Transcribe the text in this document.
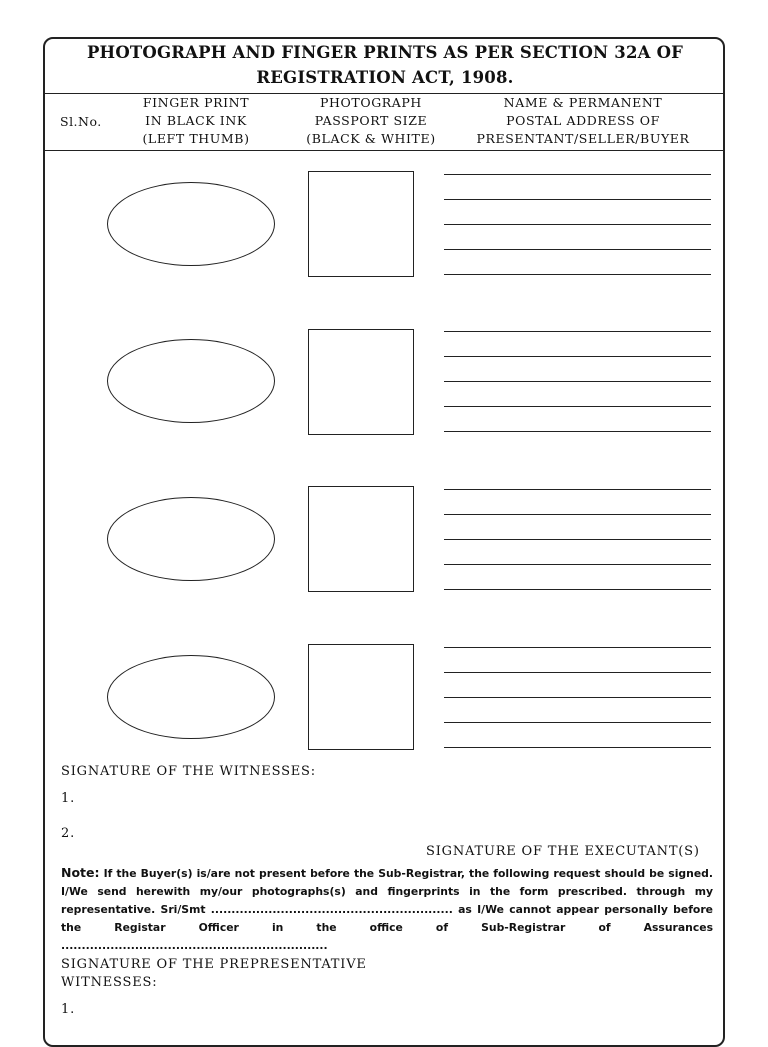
PHOTOGRAPH AND FINGER PRINTS AS PER SECTION 32A OF
REGISTRATION ACT, 1908.
Sl.No.
FINGER PRINT
IN BLACK INK
(LEFT THUMB)
PHOTOGRAPH
PASSPORT SIZE
(BLACK & WHITE)
NAME & PERMANENT
POSTAL ADDRESS OF
PRESENTANT/SELLER/BUYER
SIGNATURE OF THE WITNESSES:
1.
2.
SIGNATURE OF THE EXECUTANT(S)
Note: If the Buyer(s) is/are not present before the Sub-Registrar, the following request should be signed. I/We send herewith my/our photographs(s) and fingerprints in the form prescribed. through my representative. Sri/Smt ........................................................... as I/We cannot appear personally before the Registar Officer in the office of Sub-Registrar of Assurances .................................................................
SIGNATURE OF THE PREPRESENTATIVE
WITNESSES:
1.
